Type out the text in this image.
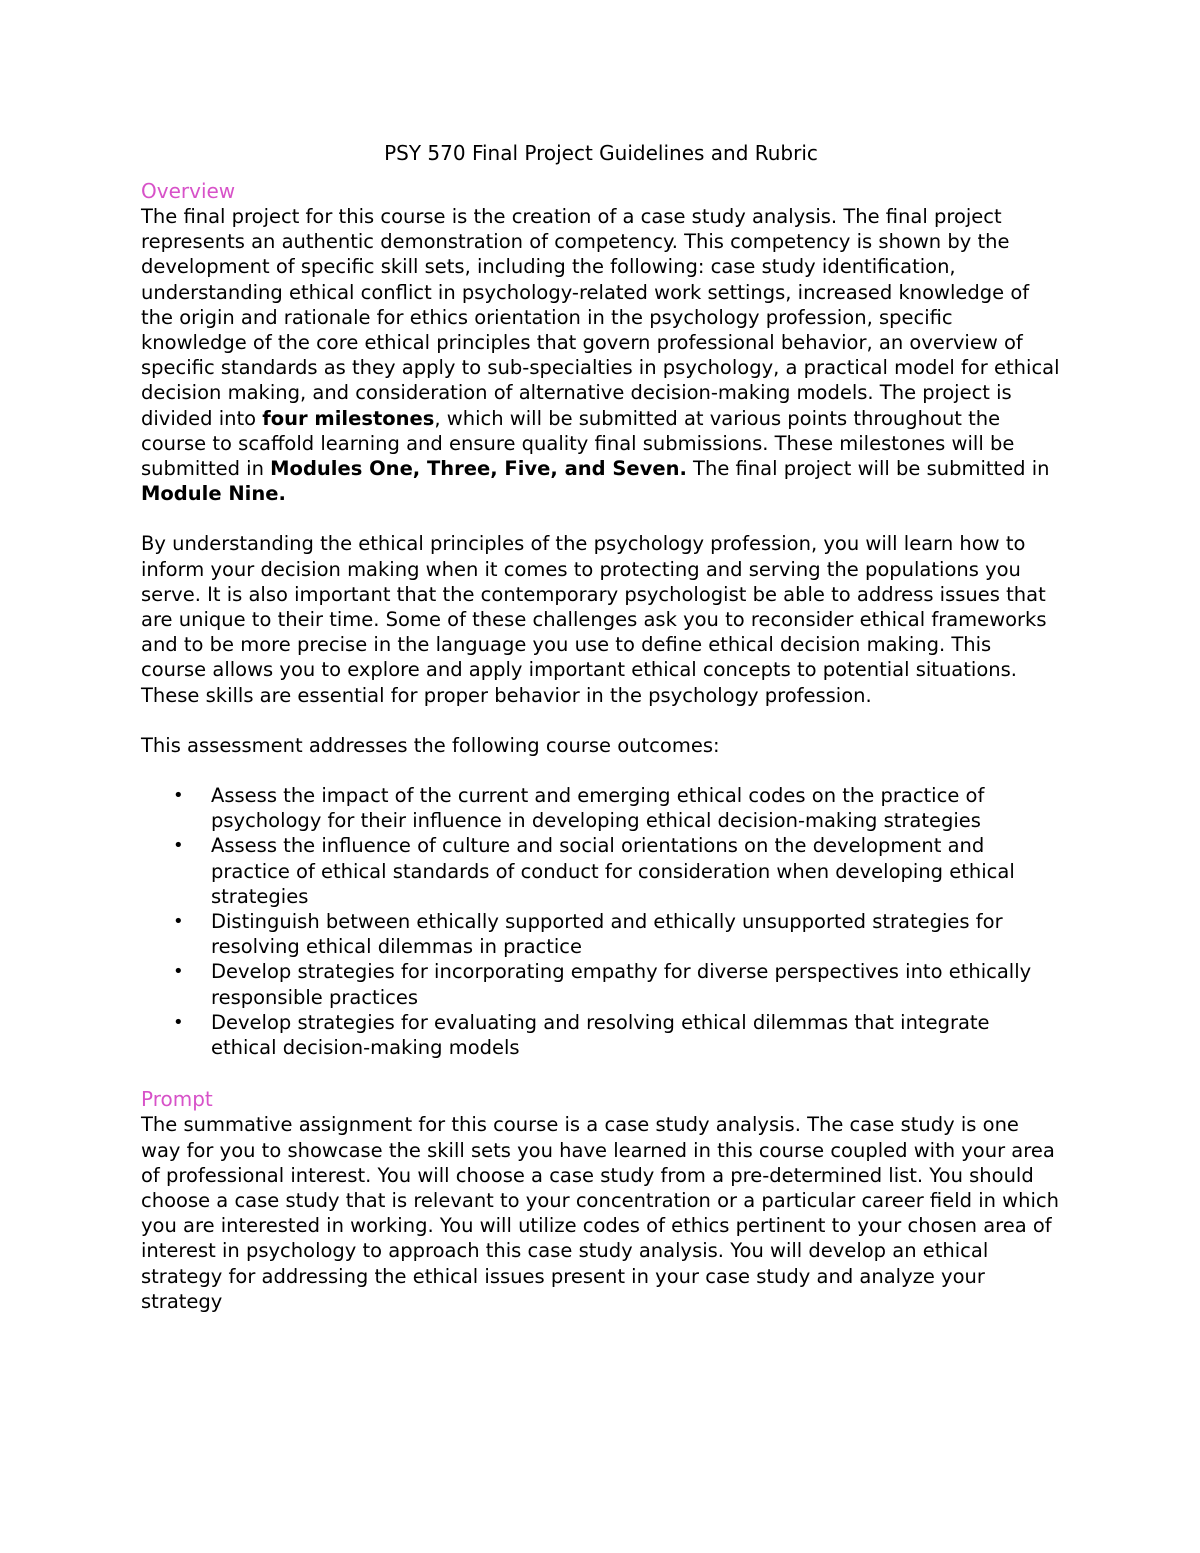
PSY 570 Final Project Guidelines and Rubric
Overview

The final project for this course is the creation of a case study analysis. The final project represents an authentic demonstration of competency. This competency is shown by the development of specific skill sets, including the following: case study identification, understanding ethical conflict in psychology-related work settings, increased knowledge of the origin and rationale for ethics orientation in the psychology profession, specific knowledge of the core ethical principles that govern professional behavior, an overview of specific standards as they apply to sub-specialties in psychology, a practical model for ethical decision making, and consideration of alternative decision-making models. The project is divided into four milestones, which will be submitted at various points throughout the course to scaffold learning and ensure quality final submissions. These milestones will be submitted in Modules One, Three, Five, and Seven. The final project will be submitted in Module Nine.

By understanding the ethical principles of the psychology profession, you will learn how to inform your decision making when it comes to protecting and serving the populations you serve. It is also important that the contemporary psychologist be able to address issues that are unique to their time. Some of these challenges ask you to reconsider ethical frameworks and to be more precise in the language you use to define ethical decision making. This course allows you to explore and apply important ethical concepts to potential situations. These skills are essential for proper behavior in the psychology profession.

This assessment addresses the following course outcomes:

• Assess the impact of the current and emerging ethical codes on the practice of psychology for their influence in developing ethical decision-making strategies
• Assess the influence of culture and social orientations on the development and practice of ethical standards of conduct for consideration when developing ethical strategies
• Distinguish between ethically supported and ethically unsupported strategies for resolving ethical dilemmas in practice
• Develop strategies for incorporating empathy for diverse perspectives into ethically responsible practices
• Develop strategies for evaluating and resolving ethical dilemmas that integrate ethical decision-making models
Prompt

The summative assignment for this course is a case study analysis. The case study is one way for you to showcase the skill sets you have learned in this course coupled with your area of professional interest. You will choose a case study from a pre-determined list. You should choose a case study that is relevant to your concentration or a particular career field in which you are interested in working. You will utilize codes of ethics pertinent to your chosen area of interest in psychology to approach this case study analysis. You will develop an ethical strategy for addressing the ethical issues present in your case study and analyze your strategy
